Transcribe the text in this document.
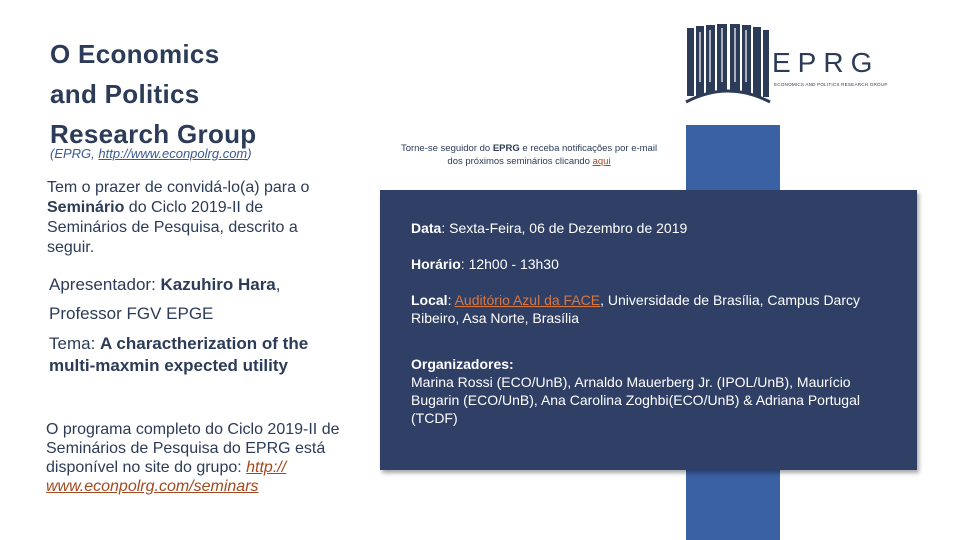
O Economics
and Politics
Research Group
(EPRG, http://www.econpolrg.com)
Tem o prazer de convidá-lo(a) para o Seminário do Ciclo 2019-II de Seminários de Pesquisa, descrito a seguir.
Apresentador: Kazuhiro Hara,
Professor FGV EPGE
Tema: A charactherization of the
multi-maxmin expected utility
O programa completo do Ciclo 2019-II de Seminários de Pesquisa do EPRG está disponível no site do grupo: http:// www.econpolrg.com/seminars
Torne-se seguidor do EPRG e receba notificações por e-mail dos próximos seminários clicando aqui
EPRG
ECONOMICS AND POLITICS RESEARCH GROUP
Data: Sexta-Feira, 06 de Dezembro de 2019
Horário: 12h00 - 13h30
Local: Auditório Azul da FACE, Universidade de Brasília, Campus Darcy Ribeiro, Asa Norte, Brasília
Organizadores:
Marina Rossi (ECO/UnB), Arnaldo Mauerberg Jr. (IPOL/UnB), Maurício Bugarin (ECO/UnB), Ana Carolina Zoghbi(ECO/UnB) & Adriana Portugal (TCDF)
